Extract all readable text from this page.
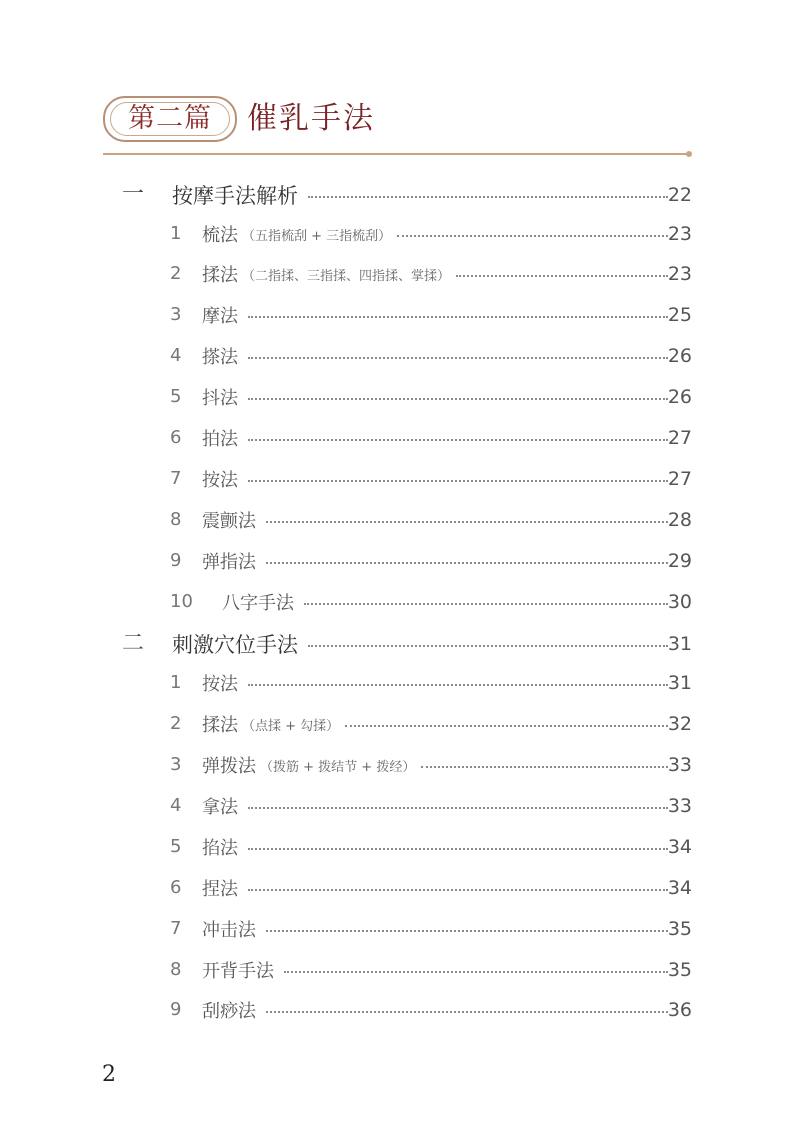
第二篇	催乳手法
一 按摩手法解析	22
1 梳法 （五指梳刮 + 三指梳刮）	23
2 揉法 （二指揉、三指揉、四指揉、掌揉）	23
3 摩法	25
4 搽法	26
5 抖法	26
6 拍法	27
7 按法	27
8 震颤法	28
9 弹指法	29
10 八字手法	30
二 刺激穴位手法	31
1 按法	31
2 揉法 （点揉 + 勾揉）	32
3 弹拨法 （拨筋 + 拨结节 + 拨经）	33
4 拿法	33
5 掐法	34
6 捏法	34
7 冲击法	35
8 开背手法	35
9 刮痧法	36
2
